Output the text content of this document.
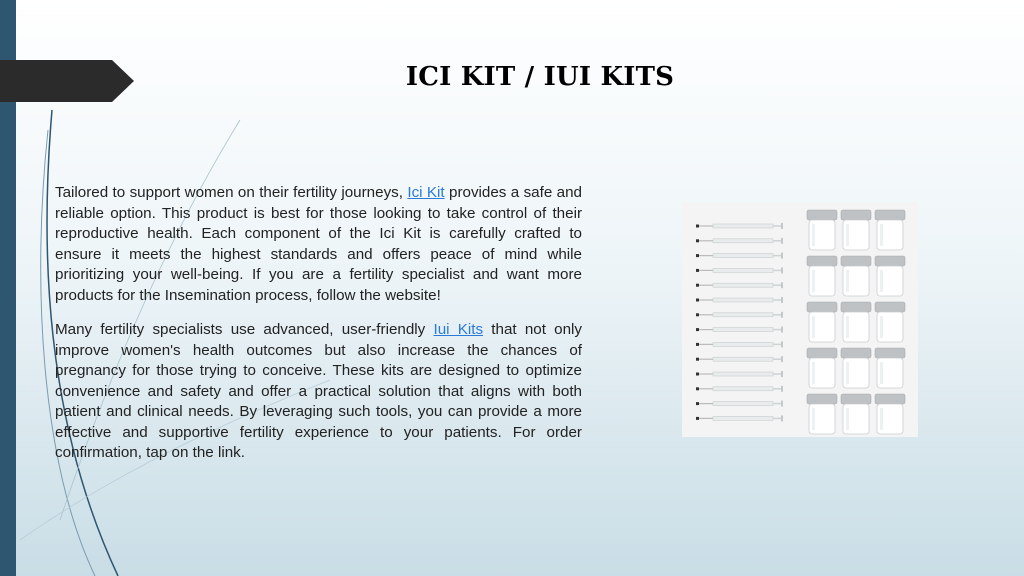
ICI KIT / IUI KITS

Tailored to support women on their fertility journeys, Ici Kit provides a safe and reliable option. This product is best for those looking to take control of their reproductive health. Each component of the Ici Kit is carefully crafted to ensure it meets the highest standards and offers peace of mind while prioritizing your well-being. If you are a fertility specialist and want more products for the Insemination process, follow the website!

Many fertility specialists use advanced, user-friendly Iui Kits that not only improve women's health outcomes but also increase the chances of pregnancy for those trying to conceive. These kits are designed to optimize convenience and safety and offer a practical solution that aligns with both patient and clinical needs. By leveraging such tools, you can provide a more effective and supportive fertility experience to your patients. For order confirmation, tap on the link.
